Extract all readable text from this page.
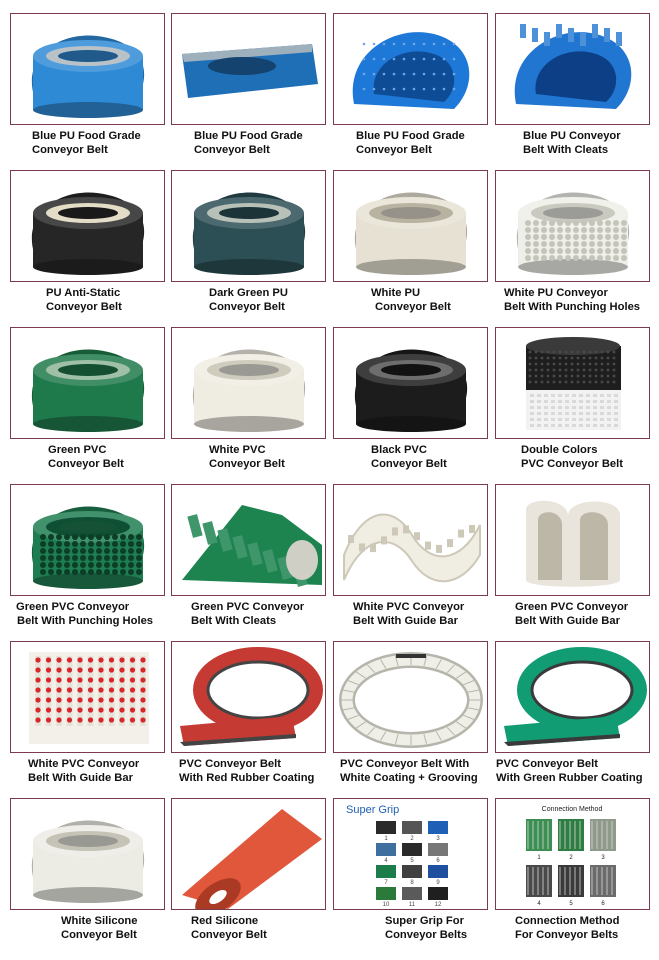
Blue PU Food Grade
Conveyor Belt
Blue PU Food Grade
Conveyor Belt
Blue PU Food Grade
Conveyor Belt
Blue PU Conveyor
Belt With Cleats
PU Anti-Static
Conveyor Belt
Dark Green PU
Conveyor Belt
White PU
Conveyor Belt
White PU Conveyor
Belt With Punching Holes
Green PVC
Conveyor Belt
White PVC
Conveyor Belt
Black PVC
Conveyor Belt
Double Colors
PVC Conveyor Belt
Green PVC Conveyor
Belt With Punching Holes
Green PVC Conveyor
Belt With Cleats
White PVC Conveyor
Belt With Guide Bar
Green PVC Conveyor
Belt With Guide Bar
White PVC Conveyor
Belt With Guide Bar
PVC Conveyor Belt
With Red Rubber Coating
PVC Conveyor Belt With
White Coating + Grooving
PVC Conveyor Belt
With Green Rubber Coating
White Silicone
Conveyor Belt
Red Silicone
Conveyor Belt
1	2	3
4	5	6
7	8	9
10	11	12
Super Grip
Super Grip For
Conveyor Belts
1	2	3
4	5	6
Connection Method
Connection Method
For Conveyor Belts
